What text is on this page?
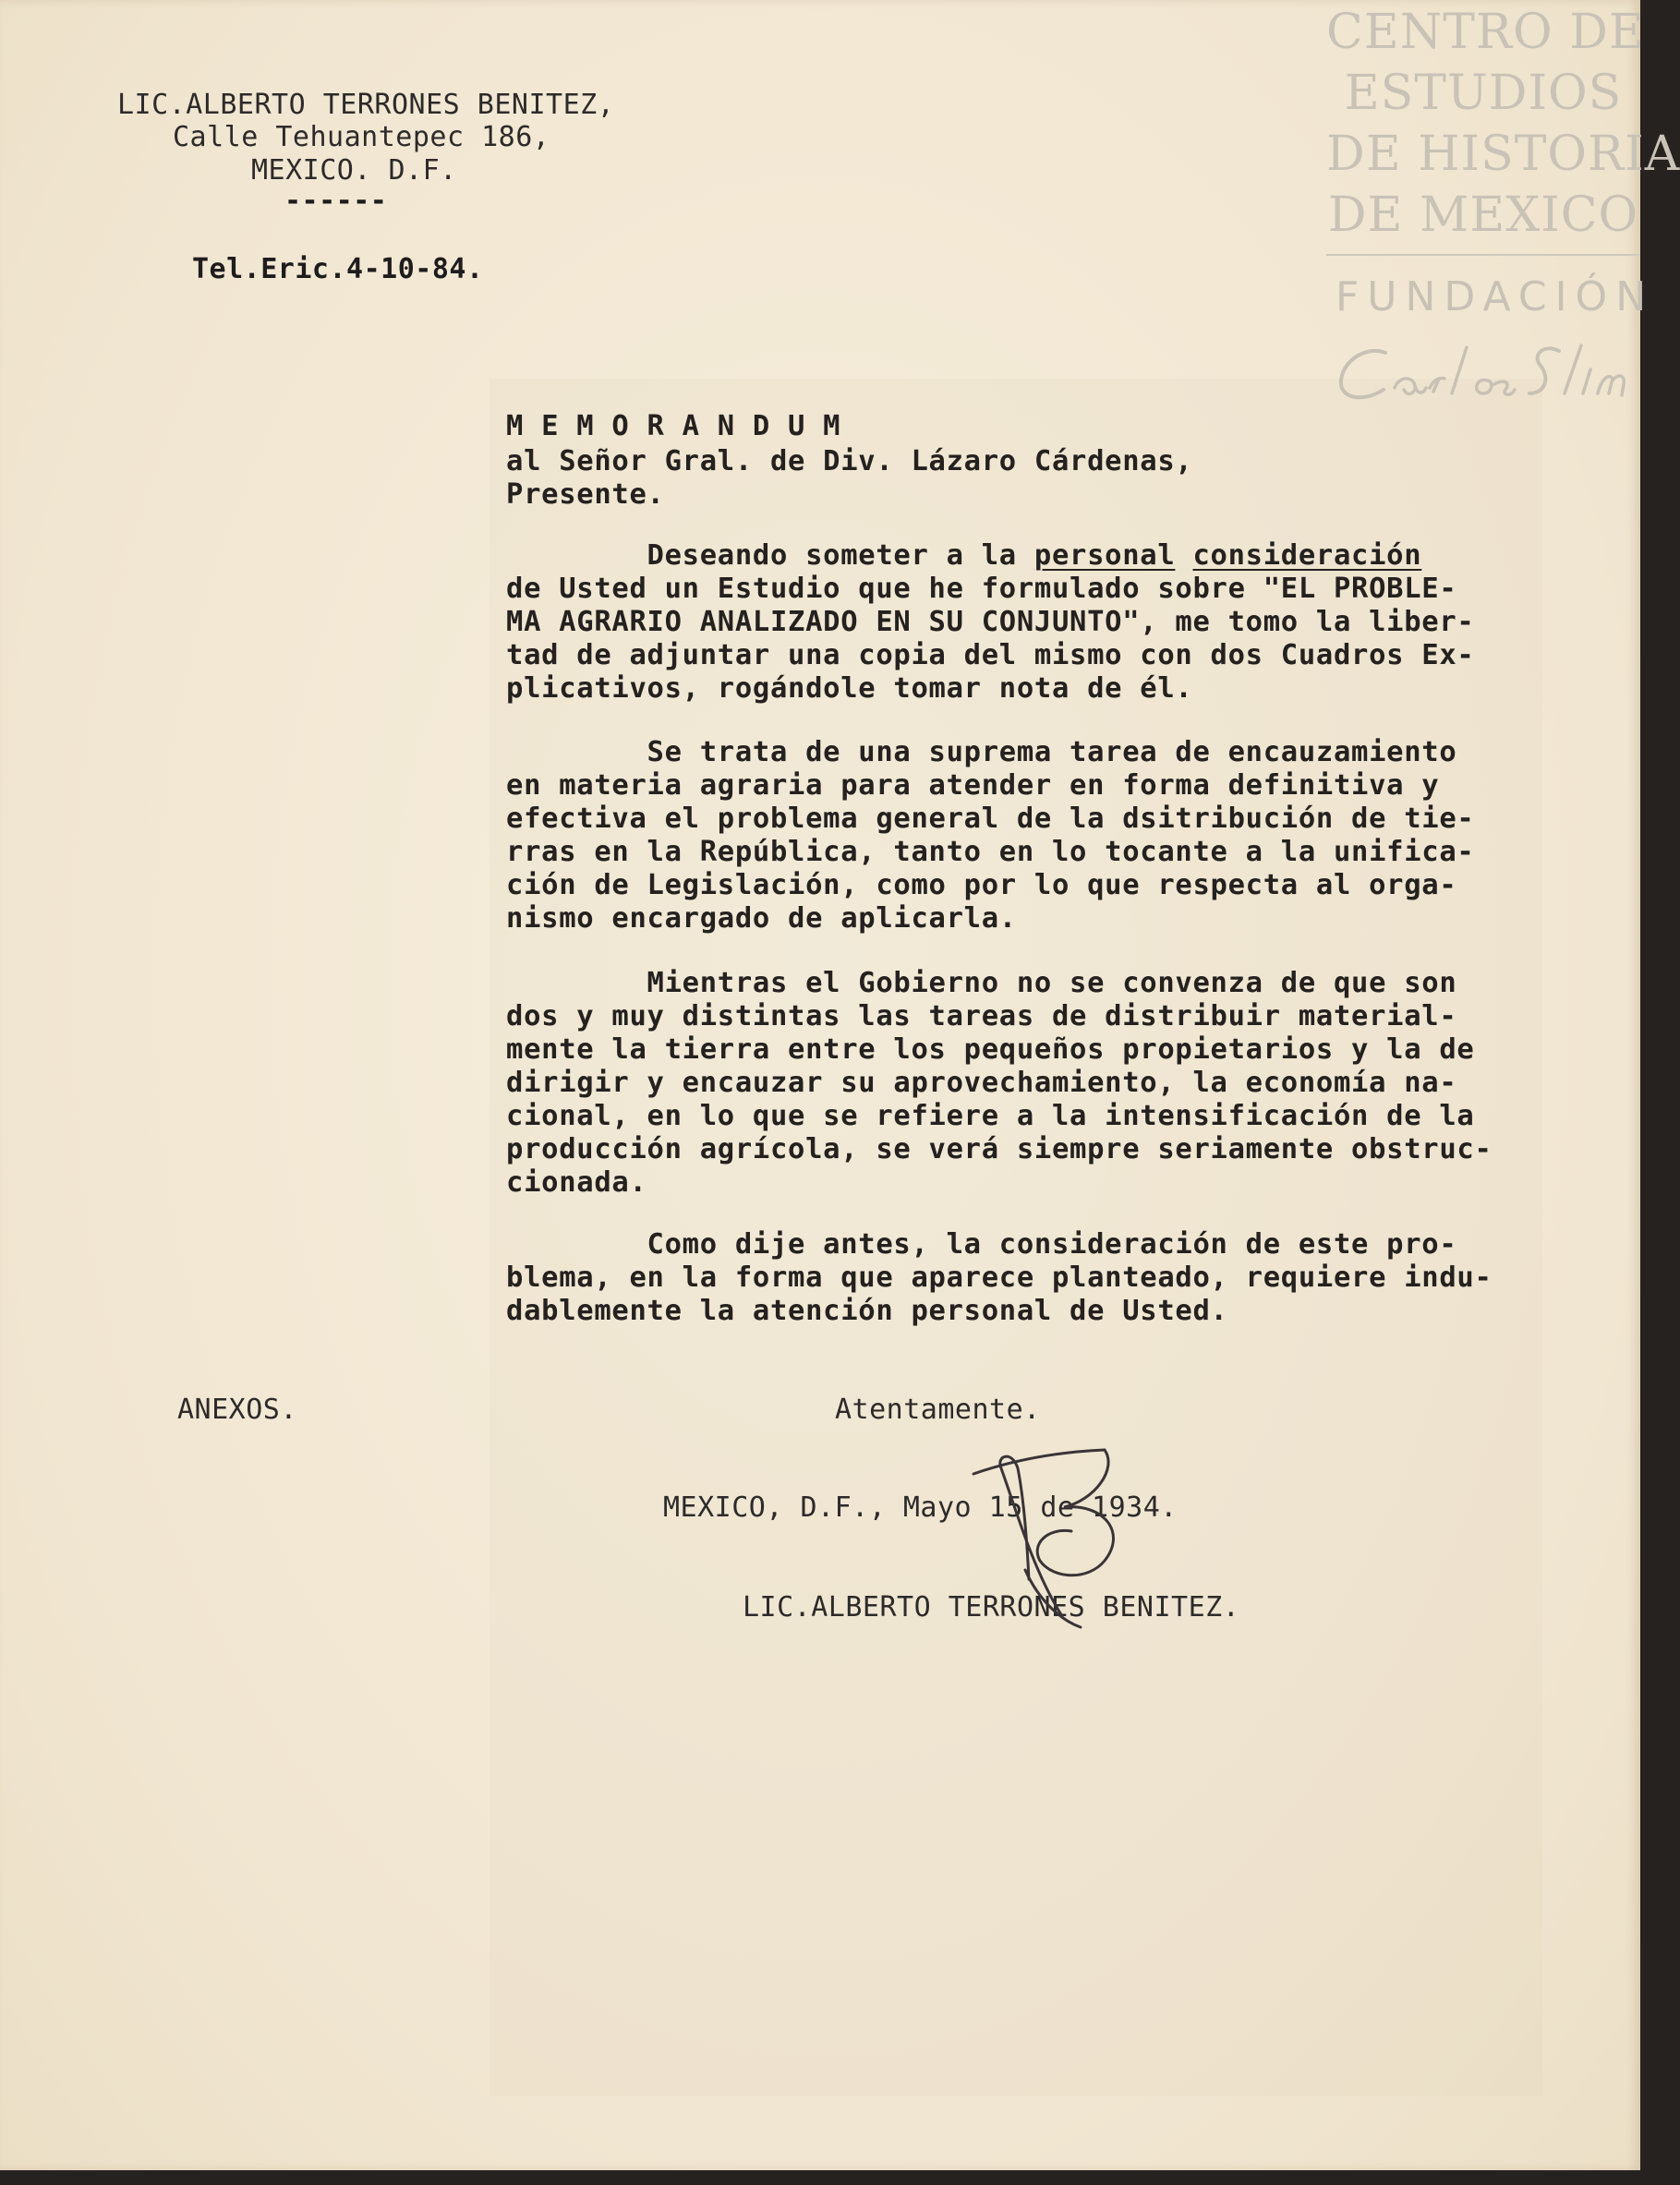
CENTRO DE
ESTUDIOS
DE HISTORIA
DE MEXICO
FUNDACIÓN
LIC.ALBERTO TERRONES BENITEZ,
Calle Tehuantepec 186,
MEXICO. D.F.
------
Tel.Eric.4-10-84.
M E M O R A N D U M
al Señor Gral. de Div. Lázaro Cárdenas,
Presente.
Deseando someter a la personal consideración
de Usted un Estudio que he formulado sobre "EL PROBLE-
MA AGRARIO ANALIZADO EN SU CONJUNTO", me tomo la liber-
tad de adjuntar una copia del mismo con dos Cuadros Ex-
plicativos, rogándole tomar nota de él.
Se trata de una suprema tarea de encauzamiento
en materia agraria para atender en forma definitiva y
efectiva el problema general de la dsitribución de tie-
rras en la República, tanto en lo tocante a la unifica-
ción de Legislación, como por lo que respecta al orga-
nismo encargado de aplicarla.
Mientras el Gobierno no se convenza de que son
dos y muy distintas las tareas de distribuir material-
mente la tierra entre los pequeños propietarios y la de
dirigir y encauzar su aprovechamiento, la economía na-
cional, en lo que se refiere a la intensificación de la
producción agrícola, se verá siempre seriamente obstruc-
cionada.
Como dije antes, la consideración de este pro-
blema, en la forma que aparece planteado, requiere indu-
dablemente la atención personal de Usted.
ANEXOS.	Atentamente.
MEXICO, D.F., Mayo 15 de 1934.
LIC.ALBERTO TERRONES BENITEZ.
